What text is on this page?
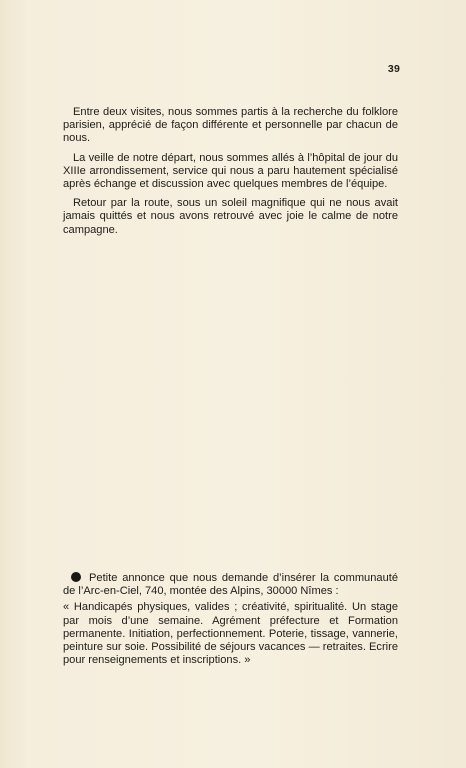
39

Entre deux visites, nous sommes partis à la recherche du folklore parisien, apprécié de façon différente et personnelle par chacun de nous.

La veille de notre départ, nous sommes allés à l’hôpital de jour du XIIIe arrondissement, service qui nous a paru hautement spécialisé après échange et discussion avec quelques membres de l’équipe.

Retour par la route, sous un soleil magnifique qui ne nous avait jamais quittés et nous avons retrouvé avec joie le calme de notre campagne.

Petite annonce que nous demande d’insérer la communauté de l’Arc-en-Ciel, 740, montée des Alpins, 30000 Nîmes :

« Handicapés physiques, valides ; créativité, spiritualité. Un stage par mois d’une semaine. Agrément préfecture et Formation permanente. Initiation, perfectionnement. Poterie, tissage, vannerie, peinture sur soie. Possibilité de séjours vacances — retraites. Ecrire pour renseignements et inscriptions. »
